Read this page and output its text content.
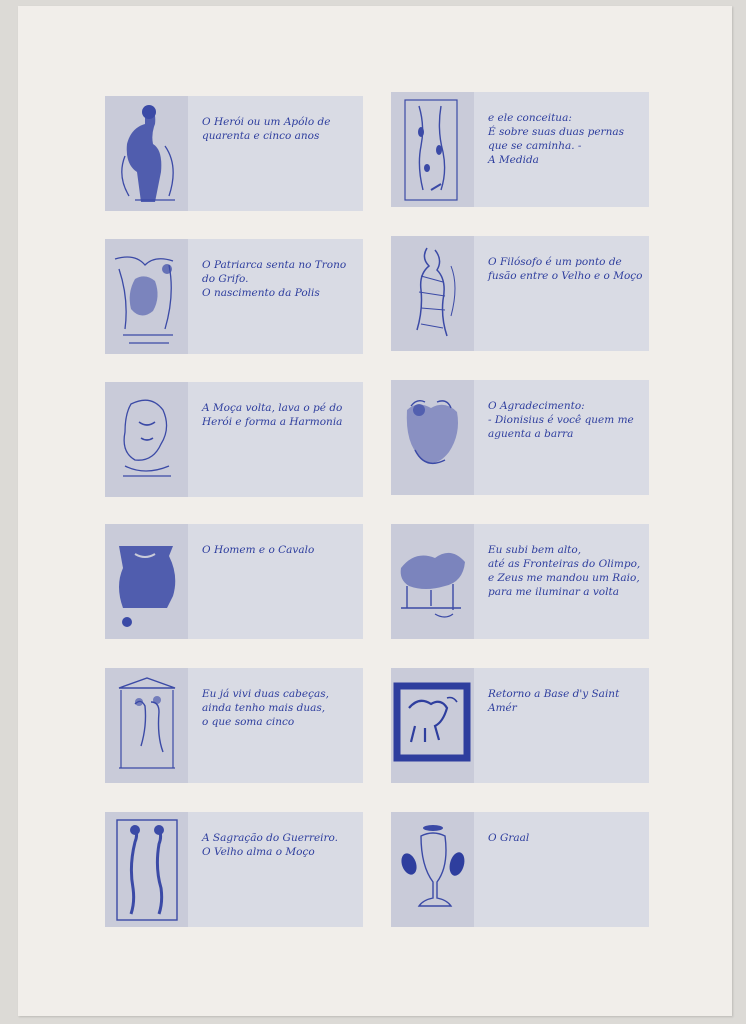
O Herói ou um Apólo de
quarenta e cinco anos
e ele conceitua:
É sobre suas duas pernas
que se caminha. -
A Medida
O Patriarca senta no Trono
do Grifo.
O nascimento da Polis
O Filósofo é um ponto de
fusão entre o Velho e o Moço
A Moça volta, lava o pé do
Herói e forma a Harmonia
O Agradecimento:
- Dionisius é você quem me
aguenta a barra
O Homem e o Cavalo	Eu subi bem alto,
até as Fronteiras do Olimpo,
e Zeus me mandou um Raio,
para me iluminar a volta
Eu já vivi duas cabeças,
ainda tenho mais duas,
o que soma cinco
Retorno a Base d'y Saint
Amér
A Sagração do Guerreiro.
O Velho alma o Moço
O Graal
